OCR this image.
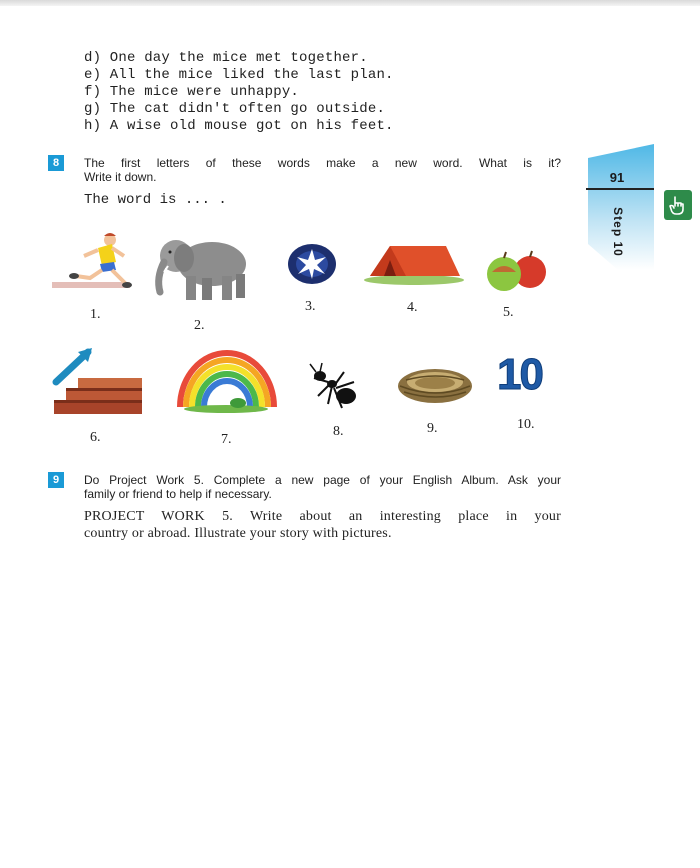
d) One day the mice met together.
e) All the mice liked the last plan.
f) The mice were unhappy.
g) The cat didn't often go outside.
h) A wise old mouse got on his feet.
8	The first letters of these words make a new word. What is it?
Write it down.
The word is ... .
1.
2.
3.	4.	5.
6.	7.
8.	9.
10
10.
9	Do Project Work 5. Complete a new page of your English Album. Ask your
family or friend to help if necessary.
PROJECT WORK 5. Write about an interesting place in your
country or abroad. Illustrate your story with pictures.
91
Step 10
